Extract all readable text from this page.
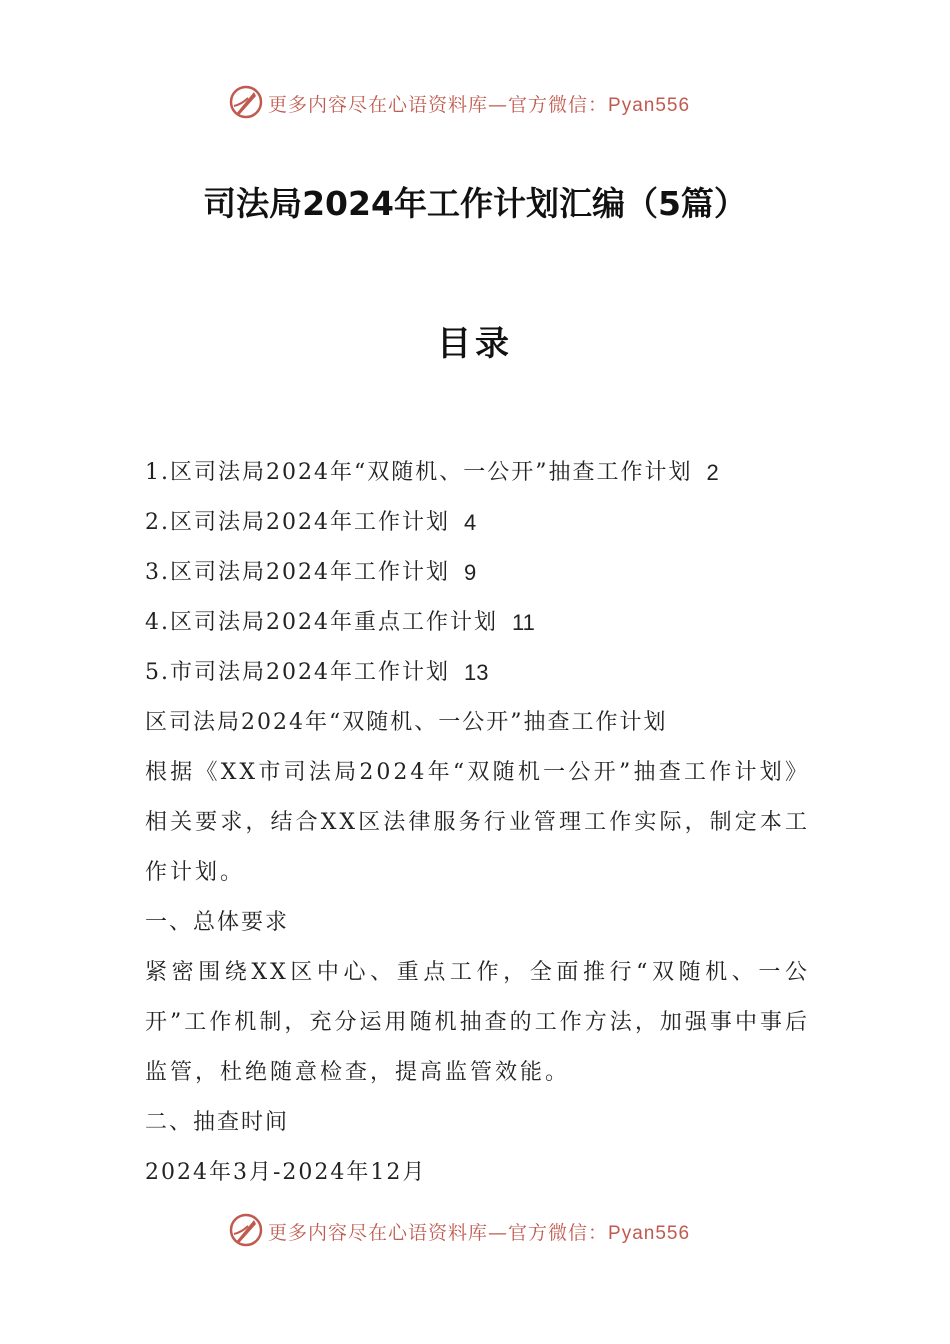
更多内容尽在心语资料库—官方微信：Pyan556
司法局2024年工作计划汇编（5篇）
目录
1.区司法局2024年“双随机、一公开”抽查工作计划 2
2.区司法局2024年工作计划 4
3.区司法局2024年工作计划 9
4.区司法局2024年重点工作计划 11
5.市司法局2024年工作计划 13
区司法局2024年“双随机、一公开”抽查工作计划
根据《XX市司法局2024年“双随机一公开”抽查工作计划》相关要求，结合XX区法律服务行业管理工作实际，制定本工作计划。
一、总体要求
紧密围绕XX区中心、重点工作，全面推行“双随机、一公开”工作机制，充分运用随机抽查的工作方法，加强事中事后监管，杜绝随意检查，提高监管效能。
二、抽查时间
2024年3月-2024年12月
更多内容尽在心语资料库—官方微信：Pyan556
